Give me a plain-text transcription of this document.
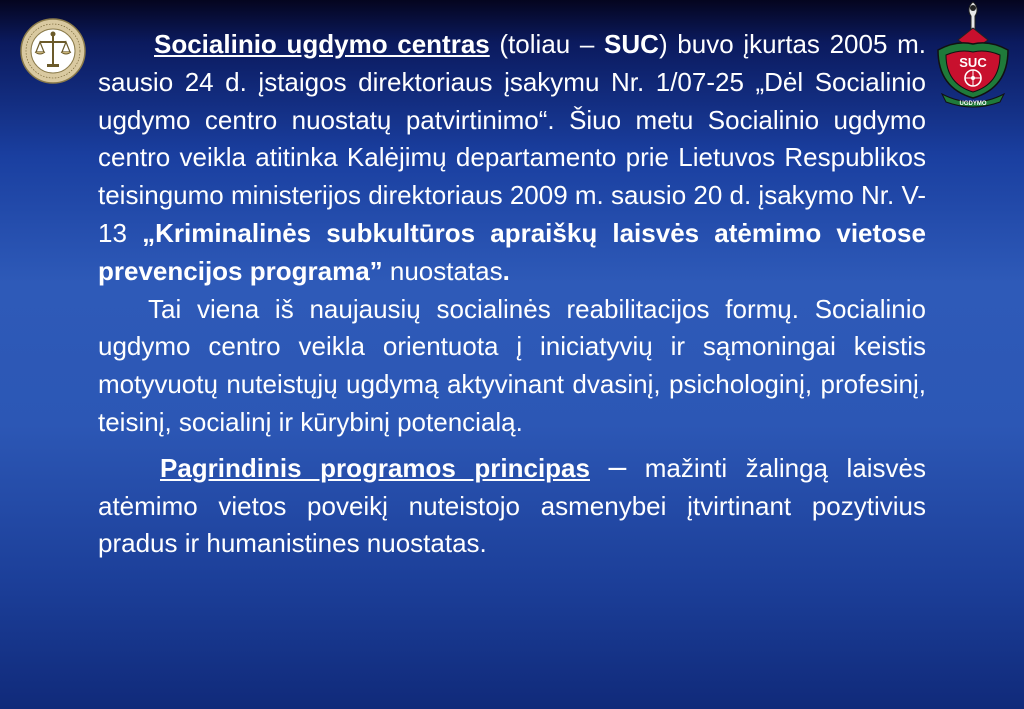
SUC
UGDYMO

Socialinio ugdymo centras (toliau – SUC) buvo įkurtas 2005 m. sausio 24 d. įstaigos direktoriaus įsakymu Nr. 1/07-25 „Dėl Socialinio ugdymo centro nuostatų patvirtinimo“. Šiuo metu Socialinio ugdymo centro veikla atitinka Kalėjimų departamento prie Lietuvos Respublikos teisingumo ministerijos direktoriaus 2009 m. sausio 20 d. įsakymo Nr. V-13 „Kriminalinės subkultūros apraiškų laisvės atėmimo vietose prevencijos programa” nuostatas.

Tai viena iš naujausių socialinės reabilitacijos formų. Socialinio ugdymo centro veikla orientuota į iniciatyvių ir sąmoningai keistis motyvuotų nuteistųjų ugdymą aktyvinant dvasinį, psichologinį, profesinį, teisinį, socialinį ir kūrybinį potencialą.

Pagrindinis programos principas – mažinti žalingą laisvės atėmimo vietos poveikį nuteistojo asmenybei įtvirtinant pozytivius pradus ir humanistines nuostatas.
